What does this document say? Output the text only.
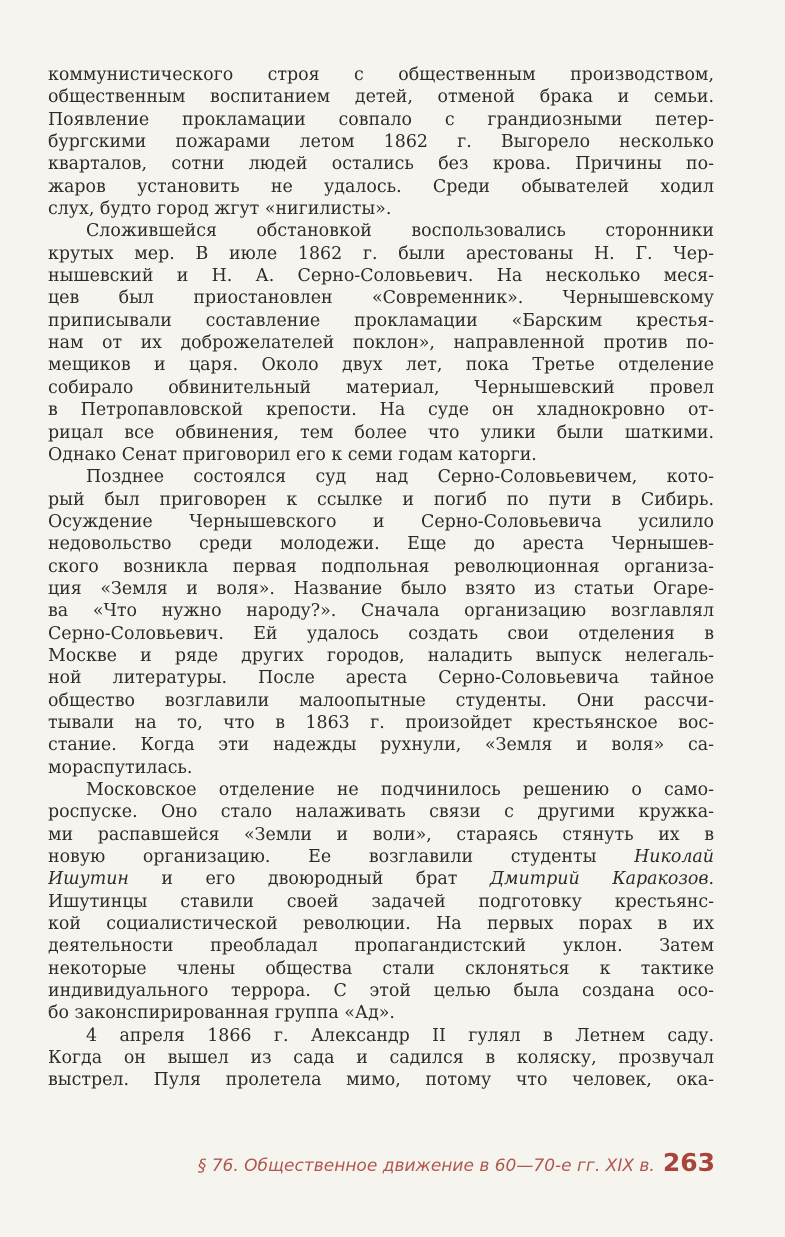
коммунистического строя с общественным производством,
общественным воспитанием детей, отменой брака и семьи.
Появление прокламации совпало с грандиозными петер-
бургскими пожарами летом 1862 г. Выгорело несколько
кварталов, сотни людей остались без крова. Причины по-
жаров установить не удалось. Среди обывателей ходил
слух, будто город жгут «нигилисты».
Сложившейся обстановкой воспользовались сторонники
крутых мер. В июле 1862 г. были арестованы Н. Г. Чер-
нышевский и Н. А. Серно-Соловьевич. На несколько меся-
цев был приостановлен «Современник». Чернышевскому
приписывали составление прокламации «Барским крестья-
нам от их доброжелателей поклон», направленной против по-
мещиков и царя. Около двух лет, пока Третье отделение
собирало обвинительный материал, Чернышевский провел
в Петропавловской крепости. На суде он хладнокровно от-
рицал все обвинения, тем более что улики были шаткими.
Однако Сенат приговорил его к семи годам каторги.
Позднее состоялся суд над Серно-Соловьевичем, кото-
рый был приговорен к ссылке и погиб по пути в Сибирь.
Осуждение Чернышевского и Серно-Соловьевича усилило
недовольство среди молодежи. Еще до ареста Чернышев-
ского возникла первая подпольная революционная организа-
ция «Земля и воля». Название было взято из статьи Огаре-
ва «Что нужно народу?». Сначала организацию возглавлял
Серно-Соловьевич. Ей удалось создать свои отделения в
Москве и ряде других городов, наладить выпуск нелегаль-
ной литературы. После ареста Серно-Соловьевича тайное
общество возглавили малоопытные студенты. Они рассчи-
тывали на то, что в 1863 г. произойдет крестьянское вос-
стание. Когда эти надежды рухнули, «Земля и воля» са-
мораспутилась.
Московское отделение не подчинилось решению о само-
роспуске. Оно стало налаживать связи с другими кружка-
ми распавшейся «Земли и воли», стараясь стянуть их в
новую организацию. Ее возглавили студенты Николай
Ишутин и его двоюродный брат Дмитрий Каракозов.
Ишутинцы ставили своей задачей подготовку крестьянс-
кой социалистической революции. На первых порах в их
деятельности преобладал пропагандистский уклон. Затем
некоторые члены общества стали склоняться к тактике
индивидуального террора. С этой целью была создана осо-
бо законспирированная группа «Ад».
4 апреля 1866 г. Александр II гулял в Летнем саду.
Когда он вышел из сада и садился в коляску, прозвучал
выстрел. Пуля пролетела мимо, потому что человек, ока-
§ 76. Общественное движение в 60—70-е гг. XIX в. 263
